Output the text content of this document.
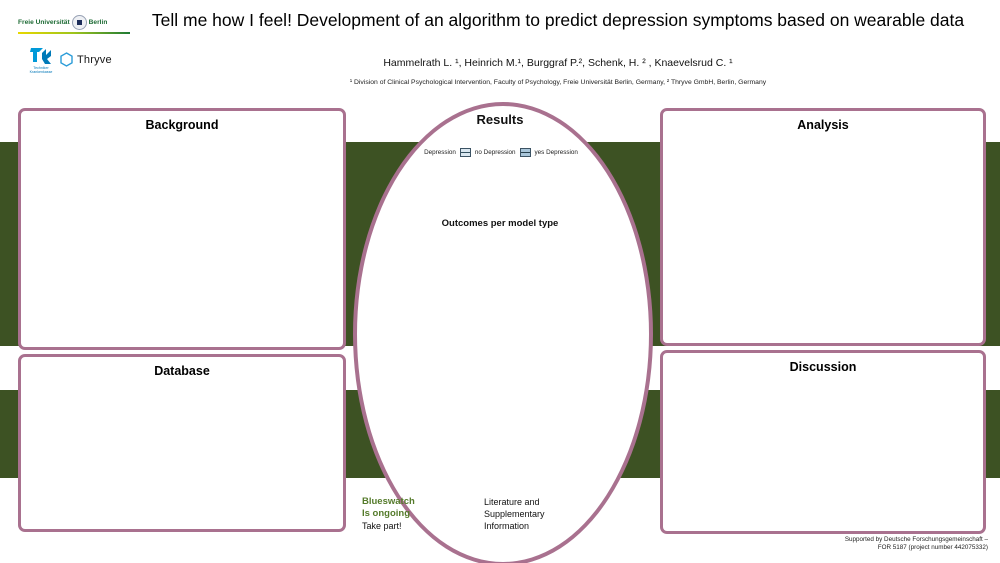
Freie Universität	Berlin
Techniker
Krankenkasse
Thryve
Tell me how I feel! Development of an algorithm to predict depression symptoms based on wearable data
Hammelrath L. ¹, Heinrich M.¹, Burggraf P.², Schenk, H. ² , Knaevelsrud C. ¹
¹ Division of Clinical Psychological Intervention, Faculty of Psychology, Freie Universität Berlin, Germany, ² Thryve GmbH, Berlin, Germany
Background
Database
Analysis
Discussion
Results
Depression	no Depression	yes Depression
Outcomes per model type
Blueswatch
Is ongoing
Take part!
Literature and
Supplementary
Information
Supported by Deutsche Forschungsgemeinschaft –
FOR 5187 (project number 442075332)
